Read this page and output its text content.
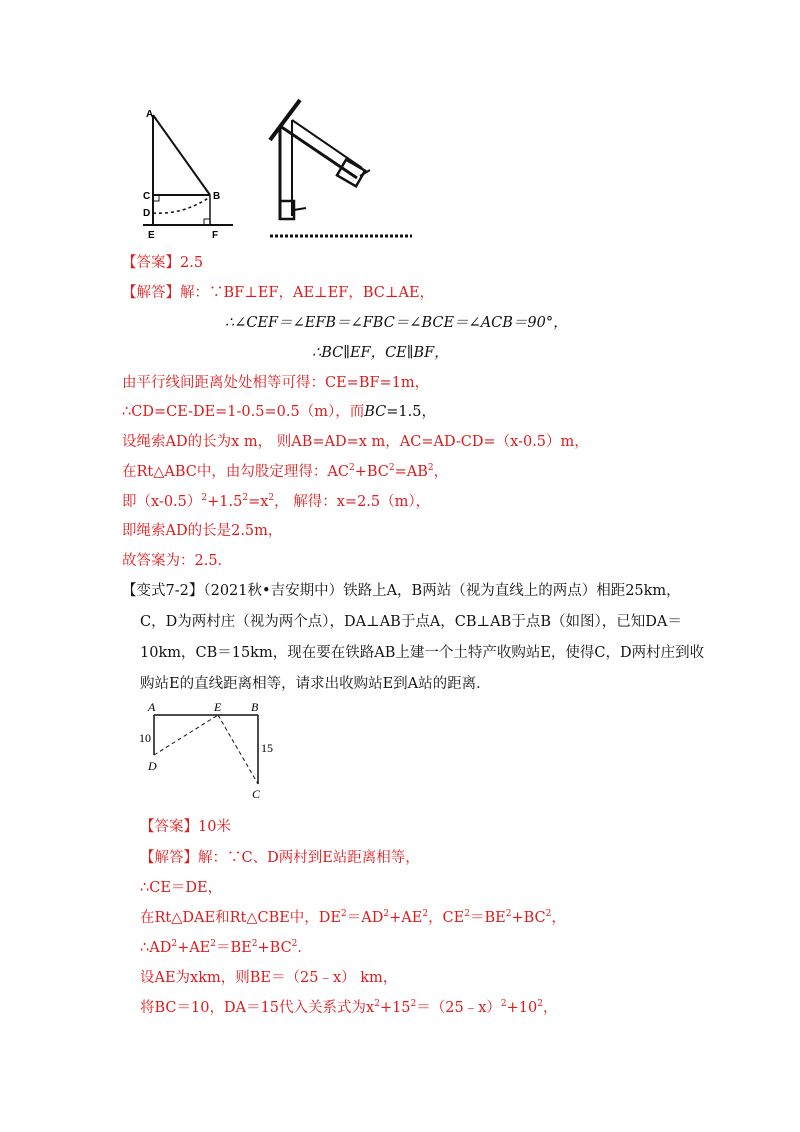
A
C	B
D
E	F
【答案】2.5
【解答】解：∵BF⊥EF，AE⊥EF，BC⊥AE，
∴∠CEF＝∠EFB＝∠FBC＝∠BCE＝∠ACB＝90°，
∴BC∥EF，CE∥BF，
由平行线间距离处处相等可得：CE=BF=1m，
∴CD=CE-DE=1-0.5=0.5（m），而BC=1.5，
设绳索AD的长为x m， 则AB=AD=x m，AC=AD-CD=（x-0.5）m，
在Rt△ABC中，由勾股定理得：$AC^2+BC^2=AB^2$，
即$(x-0.5)^2+1.5^2=x^2$， 解得：x=2.5（m），
即绳索AD的长是2.5m，
故答案为：2.5．
【变式7-2】（2021秋•吉安期中）铁路上A，B两站（视为直线上的两点）相距25km，
C，D为两村庄（视为两个点），DA⊥AB于点A，CB⊥AB于点B（如图），已知DA＝
10km，CB＝15km，现在要在铁路AB上建一个土特产收购站E，使得C，D两村庄到收
购站E的直线距离相等，请求出收购站E到A站的距离．
A	E B
D
C
10
15
【答案】10米
【解答】解：∵C、D两村到E站距离相等，
∴CE＝DE，
在Rt△DAE和Rt△CBE中，$DE^2=AD^2+AE^2$，$CE^2=BE^2+BC^2$，
$\therefore AD^2+AE^2=BE^2+BC^2$．
设AE为xkm，则BE＝（25﹣x） km，
将BC＝10，DA＝15代入关系式为$x^2+15^2=(25﹣x)^2+10^2$，
